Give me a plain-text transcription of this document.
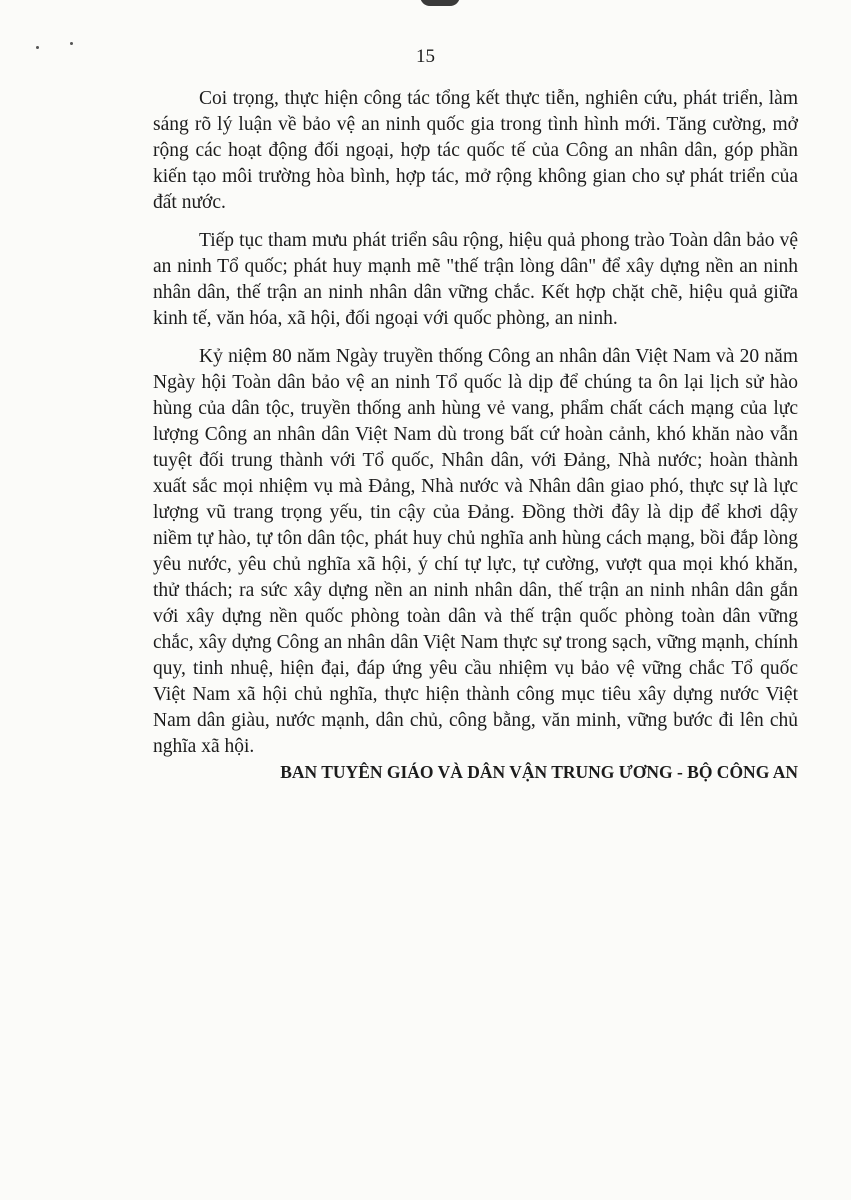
15

Coi trọng, thực hiện công tác tổng kết thực tiễn, nghiên cứu, phát triển, làm sáng rõ lý luận về bảo vệ an ninh quốc gia trong tình hình mới. Tăng cường, mở rộng các hoạt động đối ngoại, hợp tác quốc tế của Công an nhân dân, góp phần kiến tạo môi trường hòa bình, hợp tác, mở rộng không gian cho sự phát triển của đất nước.

Tiếp tục tham mưu phát triển sâu rộng, hiệu quả phong trào Toàn dân bảo vệ an ninh Tổ quốc; phát huy mạnh mẽ "thế trận lòng dân" để xây dựng nền an ninh nhân dân, thế trận an ninh nhân dân vững chắc. Kết hợp chặt chẽ, hiệu quả giữa kinh tế, văn hóa, xã hội, đối ngoại với quốc phòng, an ninh.

Kỷ niệm 80 năm Ngày truyền thống Công an nhân dân Việt Nam và 20 năm Ngày hội Toàn dân bảo vệ an ninh Tổ quốc là dịp để chúng ta ôn lại lịch sử hào hùng của dân tộc, truyền thống anh hùng vẻ vang, phẩm chất cách mạng của lực lượng Công an nhân dân Việt Nam dù trong bất cứ hoàn cảnh, khó khăn nào vẫn tuyệt đối trung thành với Tổ quốc, Nhân dân, với Đảng, Nhà nước; hoàn thành xuất sắc mọi nhiệm vụ mà Đảng, Nhà nước và Nhân dân giao phó, thực sự là lực lượng vũ trang trọng yếu, tin cậy của Đảng. Đồng thời đây là dịp để khơi dậy niềm tự hào, tự tôn dân tộc, phát huy chủ nghĩa anh hùng cách mạng, bồi đắp lòng yêu nước, yêu chủ nghĩa xã hội, ý chí tự lực, tự cường, vượt qua mọi khó khăn, thử thách; ra sức xây dựng nền an ninh nhân dân, thế trận an ninh nhân dân gắn với xây dựng nền quốc phòng toàn dân và thế trận quốc phòng toàn dân vững chắc, xây dựng Công an nhân dân Việt Nam thực sự trong sạch, vững mạnh, chính quy, tinh nhuệ, hiện đại, đáp ứng yêu cầu nhiệm vụ bảo vệ vững chắc Tổ quốc Việt Nam xã hội chủ nghĩa, thực hiện thành công mục tiêu xây dựng nước Việt Nam dân giàu, nước mạnh, dân chủ, công bằng, văn minh, vững bước đi lên chủ nghĩa xã hội.

BAN TUYÊN GIÁO VÀ DÂN VẬN TRUNG ƯƠNG - BỘ CÔNG AN
